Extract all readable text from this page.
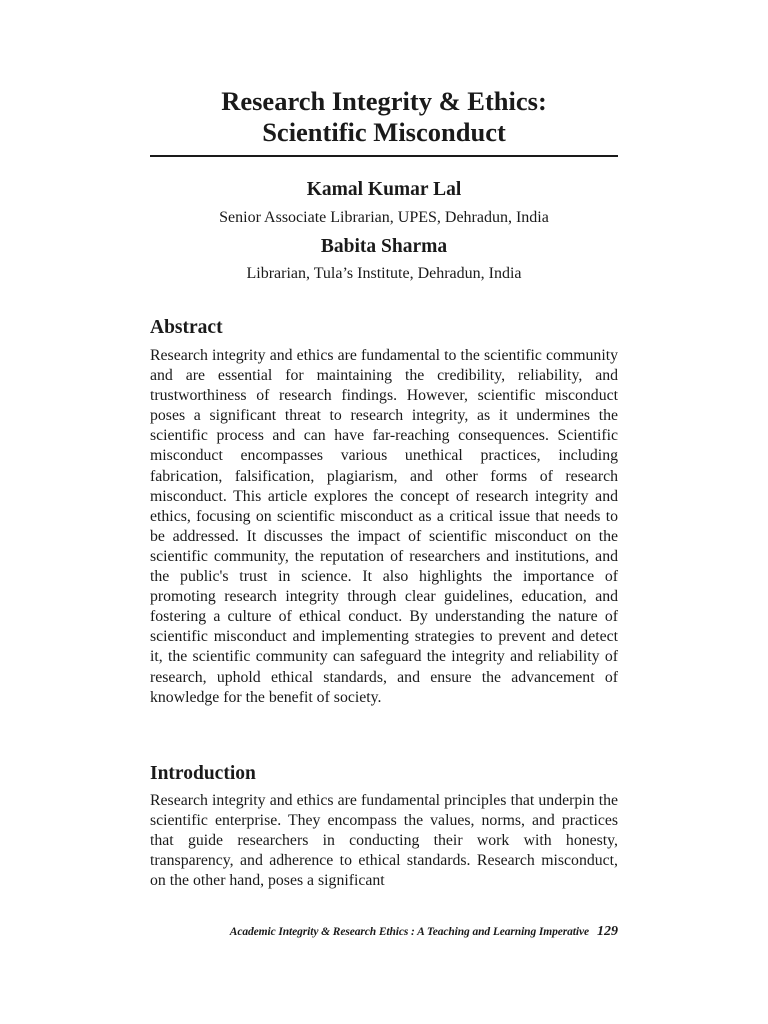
Research Integrity & Ethics:
Scientific Misconduct
Kamal Kumar Lal
Senior Associate Librarian, UPES, Dehradun, India
Babita Sharma
Librarian, Tula’s Institute, Dehradun, India
Abstract

Research integrity and ethics are fundamental to the scientific community and are essential for maintaining the credibility, reliability, and trustworthiness of research findings. However, scientific misconduct poses a significant threat to research integrity, as it undermines the scientific process and can have far-reaching consequences. Scientific misconduct encompasses various unethical practices, including fabrication, falsification, plagiarism, and other forms of research misconduct. This article explores the concept of research integrity and ethics, focusing on scientific misconduct as a critical issue that needs to be addressed. It discusses the impact of scientific misconduct on the scientific community, the reputation of researchers and institutions, and the public's trust in science. It also highlights the importance of promoting research integrity through clear guidelines, education, and fostering a culture of ethical conduct. By understanding the nature of scientific misconduct and implementing strategies to prevent and detect it, the scientific community can safeguard the integrity and reliability of research, uphold ethical standards, and ensure the advancement of knowledge for the benefit of society.

Introduction

Research integrity and ethics are fundamental principles that underpin the scientific enterprise. They encompass the values, norms, and practices that guide researchers in conducting their work with honesty, transparency, and adherence to ethical standards. Research misconduct, on the other hand, poses a significant

Academic Integrity & Research Ethics : A Teaching and Learning Imperative 129
